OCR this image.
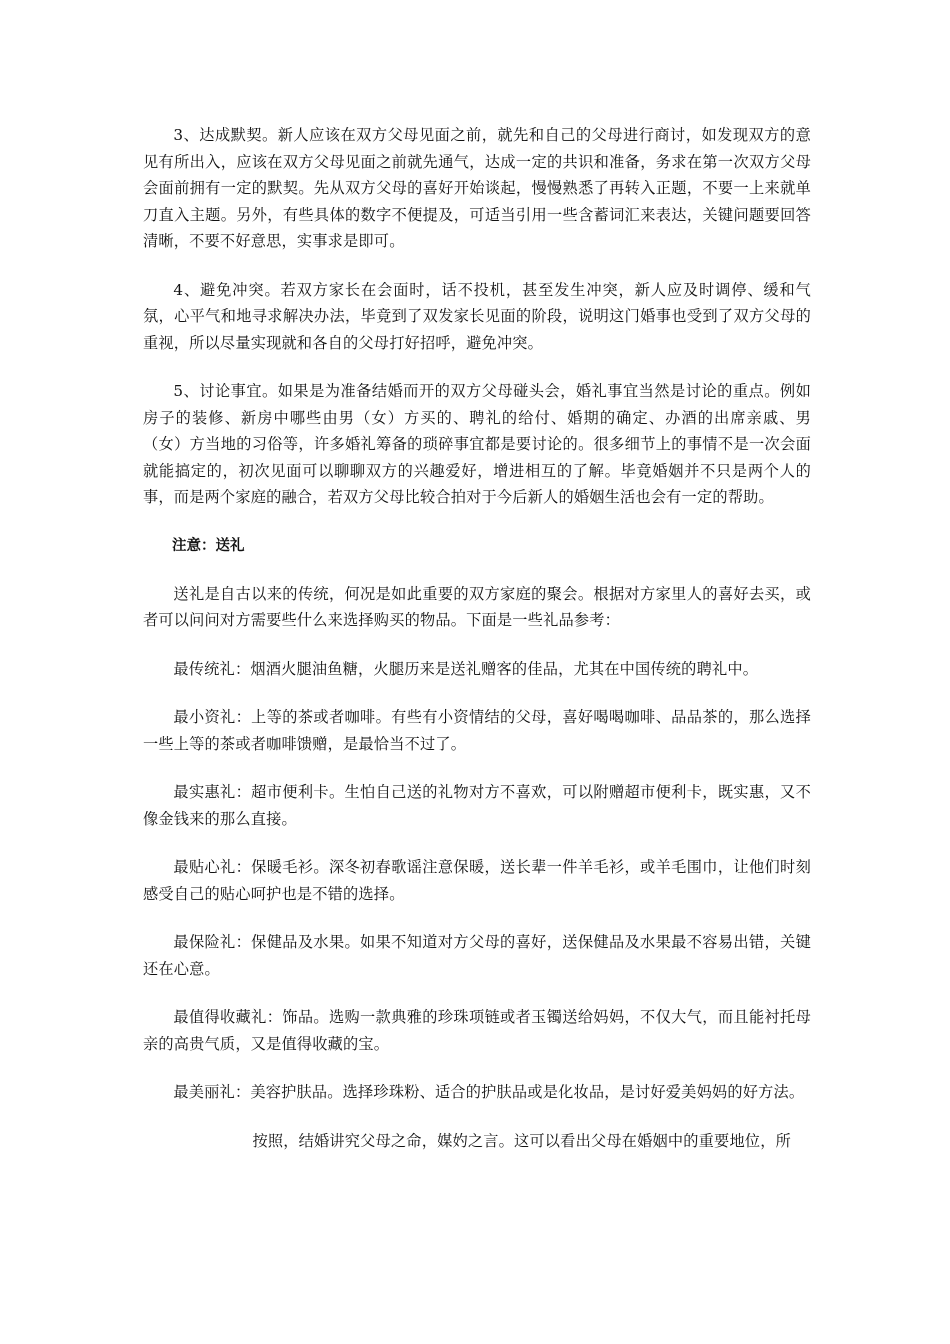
3、达成默契。新人应该在双方父母见面之前，就先和自己的父母进行商讨，如发现双方的意见有所出入，应该在双方父母见面之前就先通气，达成一定的共识和准备，务求在第一次双方父母会面前拥有一定的默契。先从双方父母的喜好开始谈起，慢慢熟悉了再转入正题，不要一上来就单刀直入主题。另外，有些具体的数字不便提及，可适当引用一些含蓄词汇来表达，关键问题要回答清晰，不要不好意思，实事求是即可。

4、避免冲突。若双方家长在会面时，话不投机，甚至发生冲突，新人应及时调停、缓和气氛，心平气和地寻求解决办法，毕竟到了双发家长见面的阶段，说明这门婚事也受到了双方父母的重视，所以尽量实现就和各自的父母打好招呼，避免冲突。

5、讨论事宜。如果是为准备结婚而开的双方父母碰头会，婚礼事宜当然是讨论的重点。例如房子的装修、新房中哪些由男（女）方买的、聘礼的给付、婚期的确定、办酒的出席亲戚、男（女）方当地的习俗等，许多婚礼筹备的琐碎事宜都是要讨论的。很多细节上的事情不是一次会面就能搞定的，初次见面可以聊聊双方的兴趣爱好，增进相互的了解。毕竟婚姻并不只是两个人的事，而是两个家庭的融合，若双方父母比较合拍对于今后新人的婚姻生活也会有一定的帮助。

注意：送礼

送礼是自古以来的传统，何况是如此重要的双方家庭的聚会。根据对方家里人的喜好去买，或者可以问问对方需要些什么来选择购买的物品。下面是一些礼品参考：

最传统礼：烟酒火腿油鱼糖，火腿历来是送礼赠客的佳品，尤其在中国传统的聘礼中。

最小资礼：上等的茶或者咖啡。有些有小资情结的父母，喜好喝喝咖啡、品品茶的，那么选择一些上等的茶或者咖啡馈赠，是最恰当不过了。

最实惠礼：超市便利卡。生怕自己送的礼物对方不喜欢，可以附赠超市便利卡，既实惠，又不像金钱来的那么直接。

最贴心礼：保暖毛衫。深冬初春歌谣注意保暖，送长辈一件羊毛衫，或羊毛围巾，让他们时刻感受自己的贴心呵护也是不错的选择。

最保险礼：保健品及水果。如果不知道对方父母的喜好，送保健品及水果最不容易出错，关键还在心意。

最值得收藏礼：饰品。选购一款典雅的珍珠项链或者玉镯送给妈妈，不仅大气，而且能衬托母亲的高贵气质，又是值得收藏的宝。

最美丽礼：美容护肤品。选择珍珠粉、适合的护肤品或是化妆品，是讨好爱美妈妈的好方法。

按照，结婚讲究父母之命，媒妁之言。这可以看出父母在婚姻中的重要地位，所
